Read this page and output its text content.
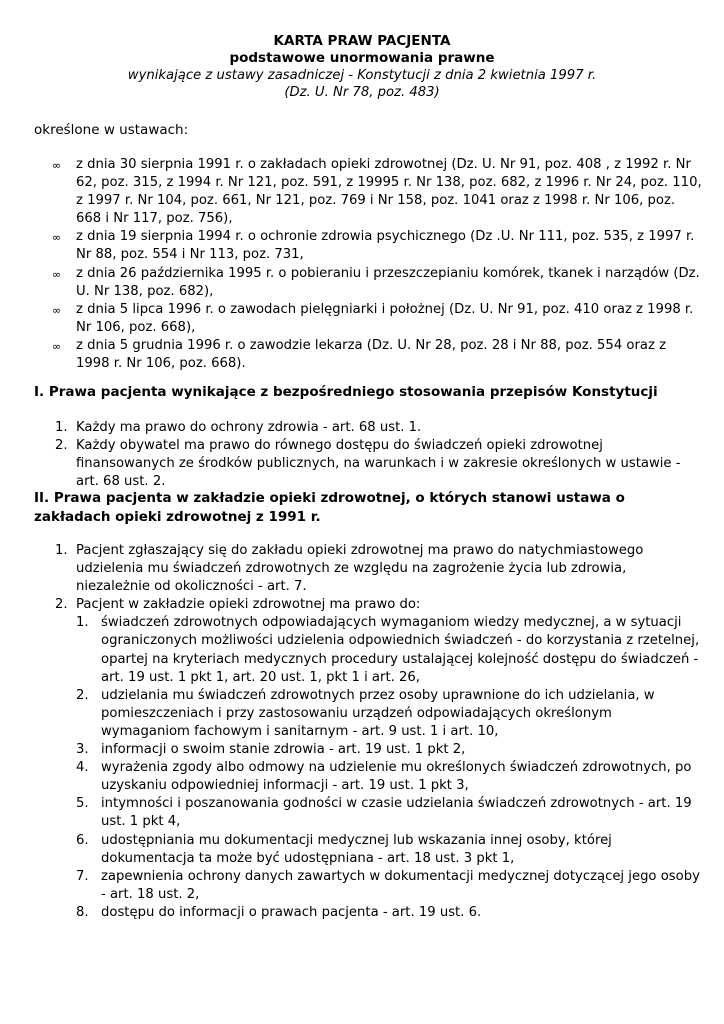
KARTA PRAW PACJENTA
podstawowe unormowania prawne
wynikające z ustawy zasadniczej - Konstytucji z dnia 2 kwietnia 1997 r.
(Dz. U. Nr 78, poz. 483)
określone w ustawach:
∞ z dnia 30 sierpnia 1991 r. o zakładach opieki zdrowotnej (Dz. U. Nr 91, poz. 408 , z 1992 r. Nr 62, poz. 315, z 1994 r. Nr 121, poz. 591, z 19995 r. Nr 138, poz. 682, z 1996 r. Nr 24, poz. 110, z 1997 r. Nr 104, poz. 661, Nr 121, poz. 769 i Nr 158, poz. 1041 oraz z 1998 r. Nr 106, poz. 668 i Nr 117, poz. 756),
∞ z dnia 19 sierpnia 1994 r. o ochronie zdrowia psychicznego (Dz .U. Nr 111, poz. 535, z 1997 r. Nr 88, poz. 554 i Nr 113, poz. 731,
∞ z dnia 26 października 1995 r. o pobieraniu i przeszczepianiu komórek, tkanek i narządów (Dz. U. Nr 138, poz. 682),
∞ z dnia 5 lipca 1996 r. o zawodach pielęgniarki i położnej (Dz. U. Nr 91, poz. 410 oraz z 1998 r. Nr 106, poz. 668),
∞ z dnia 5 grudnia 1996 r. o zawodzie lekarza (Dz. U. Nr 28, poz. 28 i Nr 88, poz. 554 oraz z 1998 r. Nr 106, poz. 668).
I. Prawa pacjenta wynikające z bezpośredniego stosowania przepisów Konstytucji
1. Każdy ma prawo do ochrony zdrowia - art. 68 ust. 1.
2. Każdy obywatel ma prawo do równego dostępu do świadczeń opieki zdrowotnej finansowanych ze środków publicznych, na warunkach i w zakresie określonych w ustawie - art. 68 ust. 2.
II. Prawa pacjenta w zakładzie opieki zdrowotnej, o których stanowi ustawa o zakładach opieki zdrowotnej z 1991 r.
1. Pacjent zgłaszający się do zakładu opieki zdrowotnej ma prawo do natychmiastowego udzielenia mu świadczeń zdrowotnych ze względu na zagrożenie życia lub zdrowia, niezależnie od okoliczności - art. 7.
2. Pacjent w zakładzie opieki zdrowotnej ma prawo do:
1. świadczeń zdrowotnych odpowiadających wymaganiom wiedzy medycznej, a w sytuacji ograniczonych możliwości udzielenia odpowiednich świadczeń - do korzystania z rzetelnej, opartej na kryteriach medycznych procedury ustalającej kolejność dostępu do świadczeń - art. 19 ust. 1 pkt 1, art. 20 ust. 1, pkt 1 i art. 26,
2. udzielania mu świadczeń zdrowotnych przez osoby uprawnione do ich udzielania, w pomieszczeniach i przy zastosowaniu urządzeń odpowiadających określonym wymaganiom fachowym i sanitarnym - art. 9 ust. 1 i art. 10,
3. informacji o swoim stanie zdrowia - art. 19 ust. 1 pkt 2,
4. wyrażenia zgody albo odmowy na udzielenie mu określonych świadczeń zdrowotnych, po uzyskaniu odpowiedniej informacji - art. 19 ust. 1 pkt 3,
5. intymności i poszanowania godności w czasie udzielania świadczeń zdrowotnych - art. 19 ust. 1 pkt 4,
6. udostępniania mu dokumentacji medycznej lub wskazania innej osoby, której dokumentacja ta może być udostępniana - art. 18 ust. 3 pkt 1,
7. zapewnienia ochrony danych zawartych w dokumentacji medycznej dotyczącej jego osoby - art. 18 ust. 2,
8. dostępu do informacji o prawach pacjenta - art. 19 ust. 6.
